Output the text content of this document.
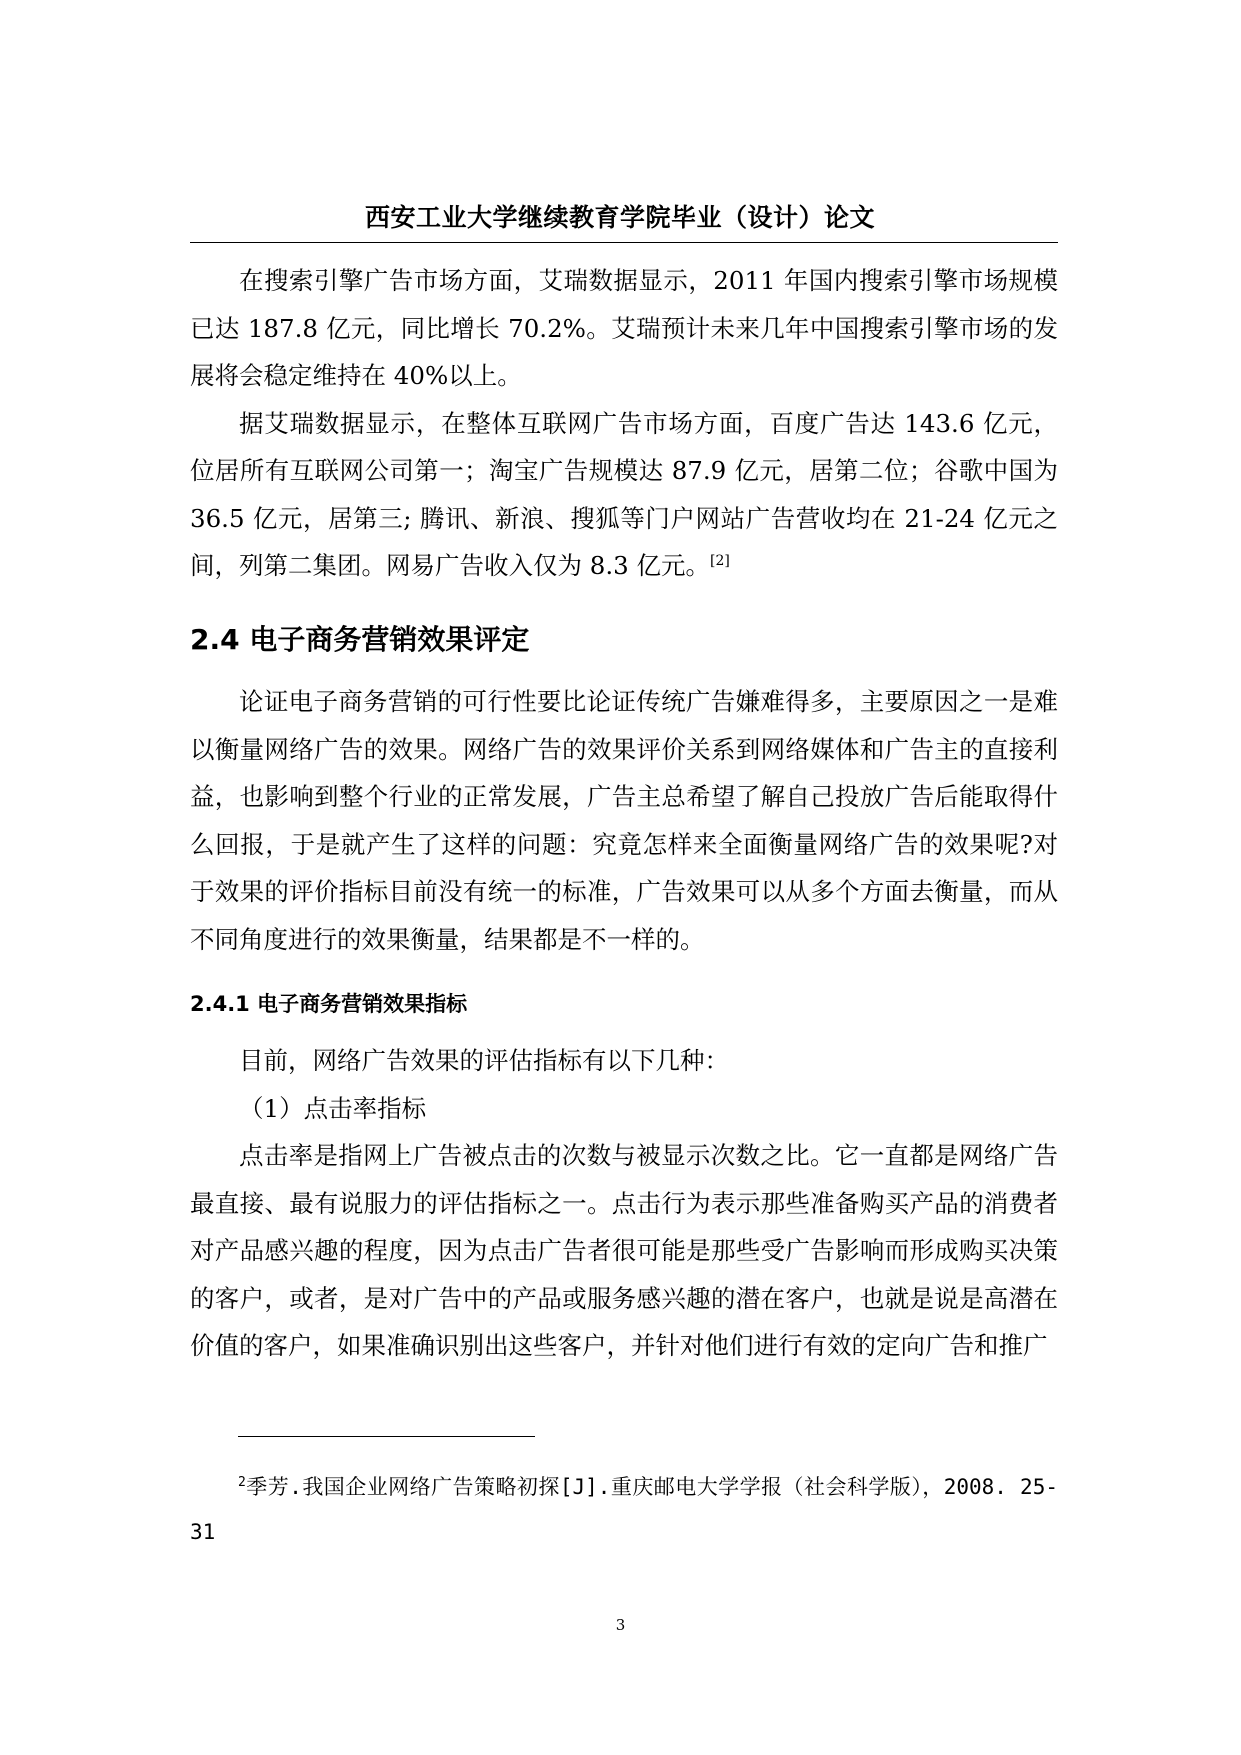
西安工业大学继续教育学院毕业（设计）论文

在搜索引擎广告市场方面，艾瑞数据显示，2011 年国内搜索引擎市场规模已达 187.8 亿元，同比增长 70.2%。艾瑞预计未来几年中国搜索引擎市场的发展将会稳定维持在 40%以上。

据艾瑞数据显示，在整体互联网广告市场方面，百度广告达 143.6 亿元，位居所有互联网公司第一；淘宝广告规模达 87.9 亿元，居第二位；谷歌中国为 36.5 亿元，居第三; 腾讯、新浪、搜狐等门户网站广告营收均在 21-24 亿元之间，列第二集团。网易广告收入仅为 8.3 亿元。[2]

2.4 电子商务营销效果评定

论证电子商务营销的可行性要比论证传统广告嫌难得多，主要原因之一是难以衡量网络广告的效果。网络广告的效果评价关系到网络媒体和广告主的直接利益，也影响到整个行业的正常发展，广告主总希望了解自己投放广告后能取得什么回报，于是就产生了这样的问题：究竟怎样来全面衡量网络广告的效果呢?对于效果的评价指标目前没有统一的标准，广告效果可以从多个方面去衡量，而从不同角度进行的效果衡量，结果都是不一样的。

2.4.1 电子商务营销效果指标

目前，网络广告效果的评估指标有以下几种：

（1）点击率指标

点击率是指网上广告被点击的次数与被显示次数之比。它一直都是网络广告最直接、最有说服力的评估指标之一。点击行为表示那些准备购买产品的消费者对产品感兴趣的程度，因为点击广告者很可能是那些受广告影响而形成购买决策的客户，或者，是对广告中的产品或服务感兴趣的潜在客户，也就是说是高潜在价值的客户，如果准确识别出这些客户，并针对他们进行有效的定向广告和推广

$^2$季芳.我国企业网络广告策略初探[J].重庆邮电大学学报（社会科学版），2008. 25-31

3
